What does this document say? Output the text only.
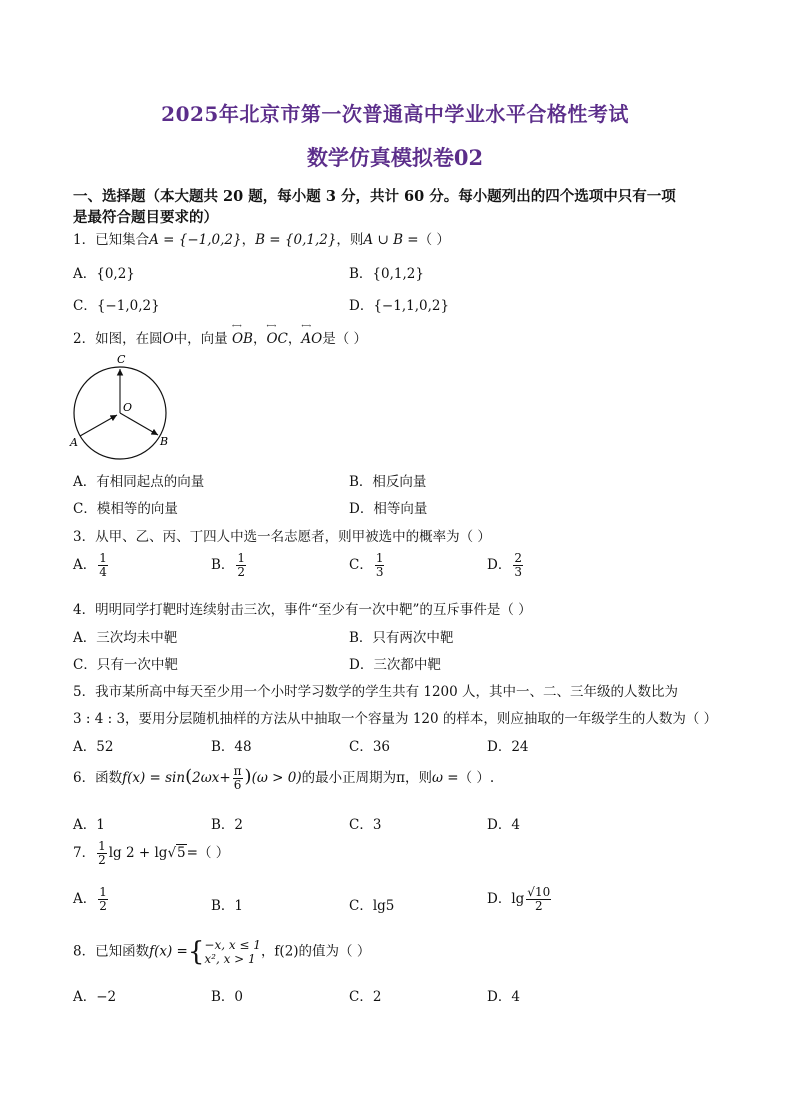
2025年北京市第一次普通高中学业水平合格性考试
数学仿真模拟卷02
一、选择题（本大题共 20 题，每小题 3 分，共计 60 分。每小题列出的四个选项中只有一项
是最符合题目要求的）
1．已知集合A = {−1,0,2}，B = {0,1,2}，则A ∪ B =（ ）
A．{0,2}	B．{0,1,2}
C．{−1,0,2}	D．{−1,1,0,2}
2．如图，在圆O中，向量 ←→ OB，←→ OC，←→ AO是（ ）
C
O
A	B
A．有相同起点的向量	B．相反向量
C．模相等的向量	D．相等向量
3．从甲、乙、丙、丁四人中选一名志愿者，则甲被选中的概率为（ ）
A． $\frac{1}{4}$	B． $\frac{1}{2}$	C． $\frac{1}{3}$	D． $\frac{2}{3}$
4．明明同学打靶时连续射击三次，事件“至少有一次中靶”的互斥事件是（ ）
A．三次均未中靶	B．只有两次中靶
C．只有一次中靶	D．三次都中靶
5．我市某所高中每天至少用一个小时学习数学的学生共有 1200 人，其中一、二、三年级的人数比为
3 : 4 : 3，要用分层随机抽样的方法从中抽取一个容量为 120 的样本，则应抽取的一年级学生的人数为（ ）
A．52	B．48	C．36	D．24
6．函数$f(x) = \sin(2\omega x+ \frac{\pi}{6} )(\omega > 0)$的最小正周期为π，则ω =（ ）.
A．1	B．2	C．3	D．4
7． $\frac{1}{2}$ lg 2 + lg√5=（ ）
A． $\frac{1}{2}$	B．1	C．lg5	D．$\lg \frac{√10}{2}$
8．已知函数f(x) ={ −x, x ≤ 1
x², x > 1 ，f(2)的值为（ ）
A．−2	B．0	C．2	D．4
